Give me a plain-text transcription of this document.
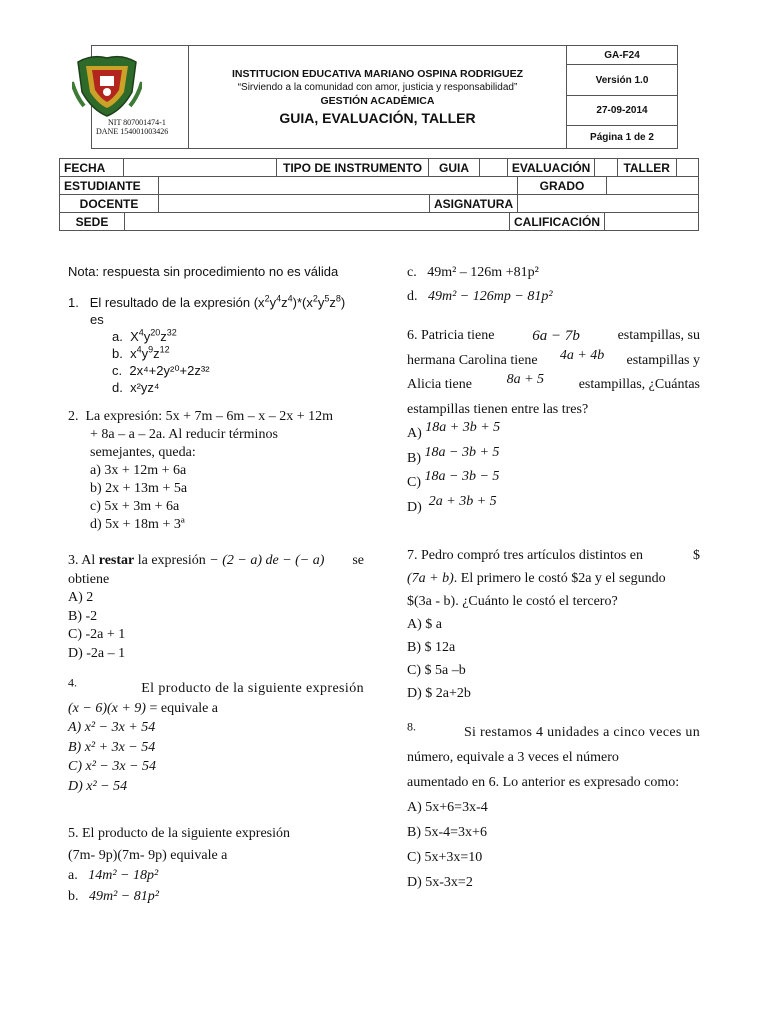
NIT 807001474-1
DANE 154001003426

INSTITUCION EDUCATIVA MARIANO OSPINA RODRIGUEZ
“Sirviendo a la comunidad con amor, justicia y responsabilidad”
GESTIÓN ACADÉMICA
GUIA, EVALUACIÓN, TALLER
	GA-F24
Versión 1.0
27-09-2014
Página 1 de 2
FECHA		TIPO DE INSTRUMENTO	GUIA		EVALUACIÓN		TALLER	
ESTUDIANTE		GRADO	
DOCENTE		ASIGNATURA	
SEDE		CALIFICACIÓN	
Nota: respuesta sin procedimiento no es válida
1. El resultado de la expresión $(x^2y^4z^4)*(x^2y^5z^8)$
es
a. $X^4y^{20}z^{32}$
b. $x^4y^9z^{12}$
c. 2x⁴+2y²⁰+2z³²
d. x²yz⁴
2. La expresión: 5x + 7m – 6m – x – 2x + 12m
+ 8a – a – 2a. Al reducir términos
semejantes, queda:
a) 3x + 12m + 6a
b) 2x + 13m + 5a
c) 5x + 3m + 6a
d) 5x + 18m + 3ª
3. Al restar la expresión − (2 − a) de − (− a) se
obtiene
A) 2
B) -2
C) -2a + 1
D) -2a – 1
$^{4.}$	El producto de la siguiente expresión
(x − 6)(x + 9) = equivale a
A) x² − 3x + 54
B) x² + 3x − 54
C) x² − 3x − 54
D) x² − 54
5. El producto de la siguiente expresión
(7m- 9p)(7m- 9p) equivale a
a. 14m² − 18p²
b. 49m² − 81p²
c. 49m² – 126m +81p²
d. 49m² − 126mp − 81p²
6. Patricia tiene	6a − 7b	estampillas, su
hermana Carolina tiene 4a + 4b estampillas y
Alicia tiene 8a + 5 estampillas, ¿Cuántas
estampillas tienen entre las tres?
A) 18a + 3b + 5
B) 18a − 3b + 5
C) 18a − 3b − 5
D) 2a + 3b + 5
7. Pedro compró tres artículos distintos en	$
(7a + b). El primero le costó $2a y el segundo
$(3a - b). ¿Cuánto le costó el tercero?
A) $ a
B) $ 12a
C) $ 5a –b
D) $ 2a+2b
$^{8.}$	Si restamos 4 unidades a cinco veces un
número, equivale a 3 veces el número
aumentado en 6. Lo anterior es expresado como:
A) 5x+6=3x-4
B) 5x-4=3x+6
C) 5x+3x=10
D) 5x-3x=2
